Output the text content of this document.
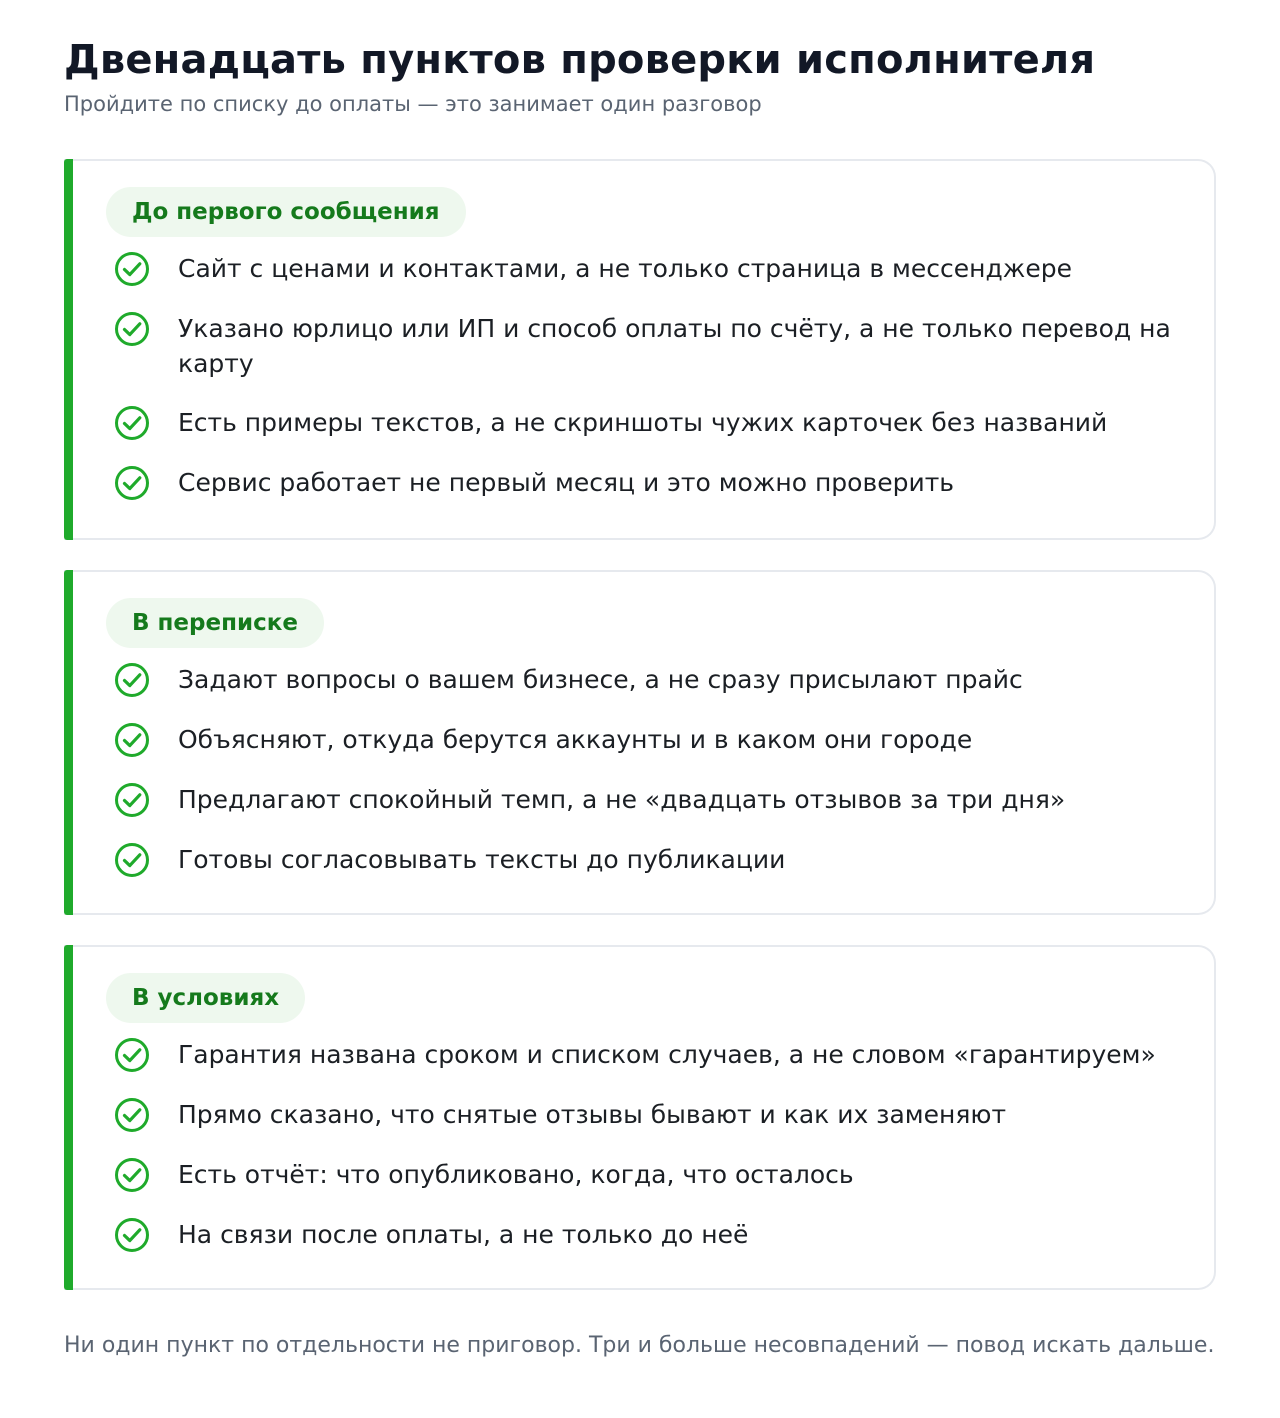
Двенадцать пунктов проверки исполнителя

Пройдите по списку до оплаты — это занимает один разговор

До первого сообщения
Сайт с ценами и контактами, а не только страница в мессенджере
Указано юрлицо или ИП и способ оплаты по счёту, а не только перевод на карту
Есть примеры текстов, а не скриншоты чужих карточек без названий
Сервис работает не первый месяц и это можно проверить
В переписке
Задают вопросы о вашем бизнесе, а не сразу присылают прайс
Объясняют, откуда берутся аккаунты и в каком они городе
Предлагают спокойный темп, а не «двадцать отзывов за три дня»
Готовы согласовывать тексты до публикации
В условиях
Гарантия названа сроком и списком случаев, а не словом «гарантируем»
Прямо сказано, что снятые отзывы бывают и как их заменяют
Есть отчёт: что опубликовано, когда, что осталось
На связи после оплаты, а не только до неё

Ни один пункт по отдельности не приговор. Три и больше несовпадений — повод искать дальше.
